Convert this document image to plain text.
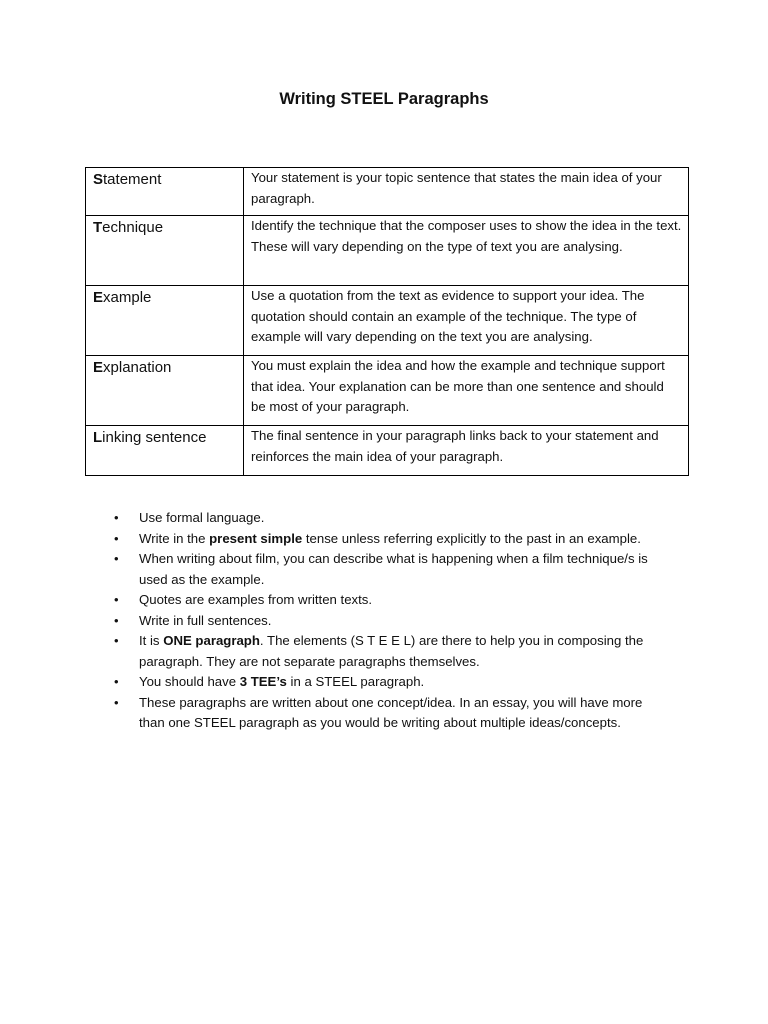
Writing STEEL Paragraphs
Statement	Your statement is your topic sentence that states the main idea of your paragraph.
Technique	Identify the technique that the composer uses to show the idea in the text. These will vary depending on the type of text you are analysing.
Example	Use a quotation from the text as evidence to support your idea. The quotation should contain an example of the technique. The type of example will vary depending on the text you are analysing.
Explanation	You must explain the idea and how the example and technique support that idea. Your explanation can be more than one sentence and should be most of your paragraph.
Linking sentence	The final sentence in your paragraph links back to your statement and reinforces the main idea of your paragraph.
• Use formal language.
• Write in the present simple tense unless referring explicitly to the past in an example.
• When writing about film, you can describe what is happening when a film technique/s is used as the example.
• Quotes are examples from written texts.
• Write in full sentences.
• It is ONE paragraph. The elements (S T E E L) are there to help you in composing the paragraph. They are not separate paragraphs themselves.
• You should have 3 TEE’s in a STEEL paragraph.
• These paragraphs are written about one concept/idea. In an essay, you will have more than one STEEL paragraph as you would be writing about multiple ideas/concepts.
